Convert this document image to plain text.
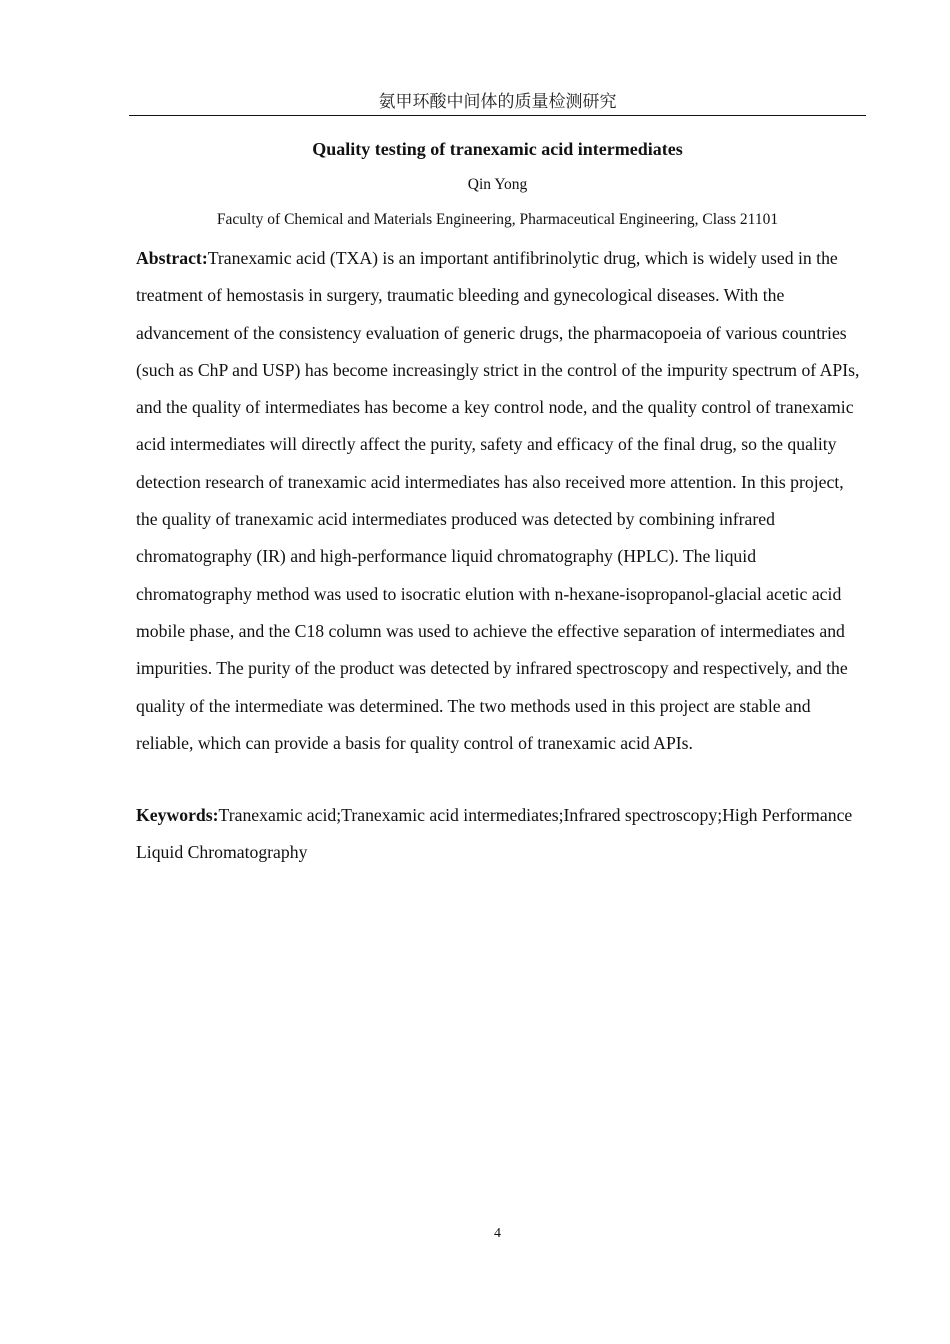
氨甲环酸中间体的质量检测研究
Quality testing of tranexamic acid intermediates
Qin Yong
Faculty of Chemical and Materials Engineering, Pharmaceutical Engineering, Class 21101

Abstract:Tranexamic acid (TXA) is an important antifibrinolytic drug, which is widely used in the treatment of hemostasis in surgery, traumatic bleeding and gynecological diseases. With the advancement of the consistency evaluation of generic drugs, the pharmacopoeia of various countries (such as ChP and USP) has become increasingly strict in the control of the impurity spectrum of APIs, and the quality of intermediates has become a key control node, and the quality control of tranexamic acid intermediates will directly affect the purity, safety and efficacy of the final drug, so the quality detection research of tranexamic acid intermediates has also received more attention. In this project, the quality of tranexamic acid intermediates produced was detected by combining infrared chromatography (IR) and high-performance liquid chromatography (HPLC). The liquid chromatography method was used to isocratic elution with n-hexane-isopropanol-glacial acetic acid mobile phase, and the C18 column was used to achieve the effective separation of intermediates and impurities. The purity of the product was detected by infrared spectroscopy and respectively, and the quality of the intermediate was determined. The two methods used in this project are stable and reliable, which can provide a basis for quality control of tranexamic acid APIs.

Keywords:Tranexamic acid;Tranexamic acid intermediates;Infrared spectroscopy;High Performance Liquid Chromatography

4
